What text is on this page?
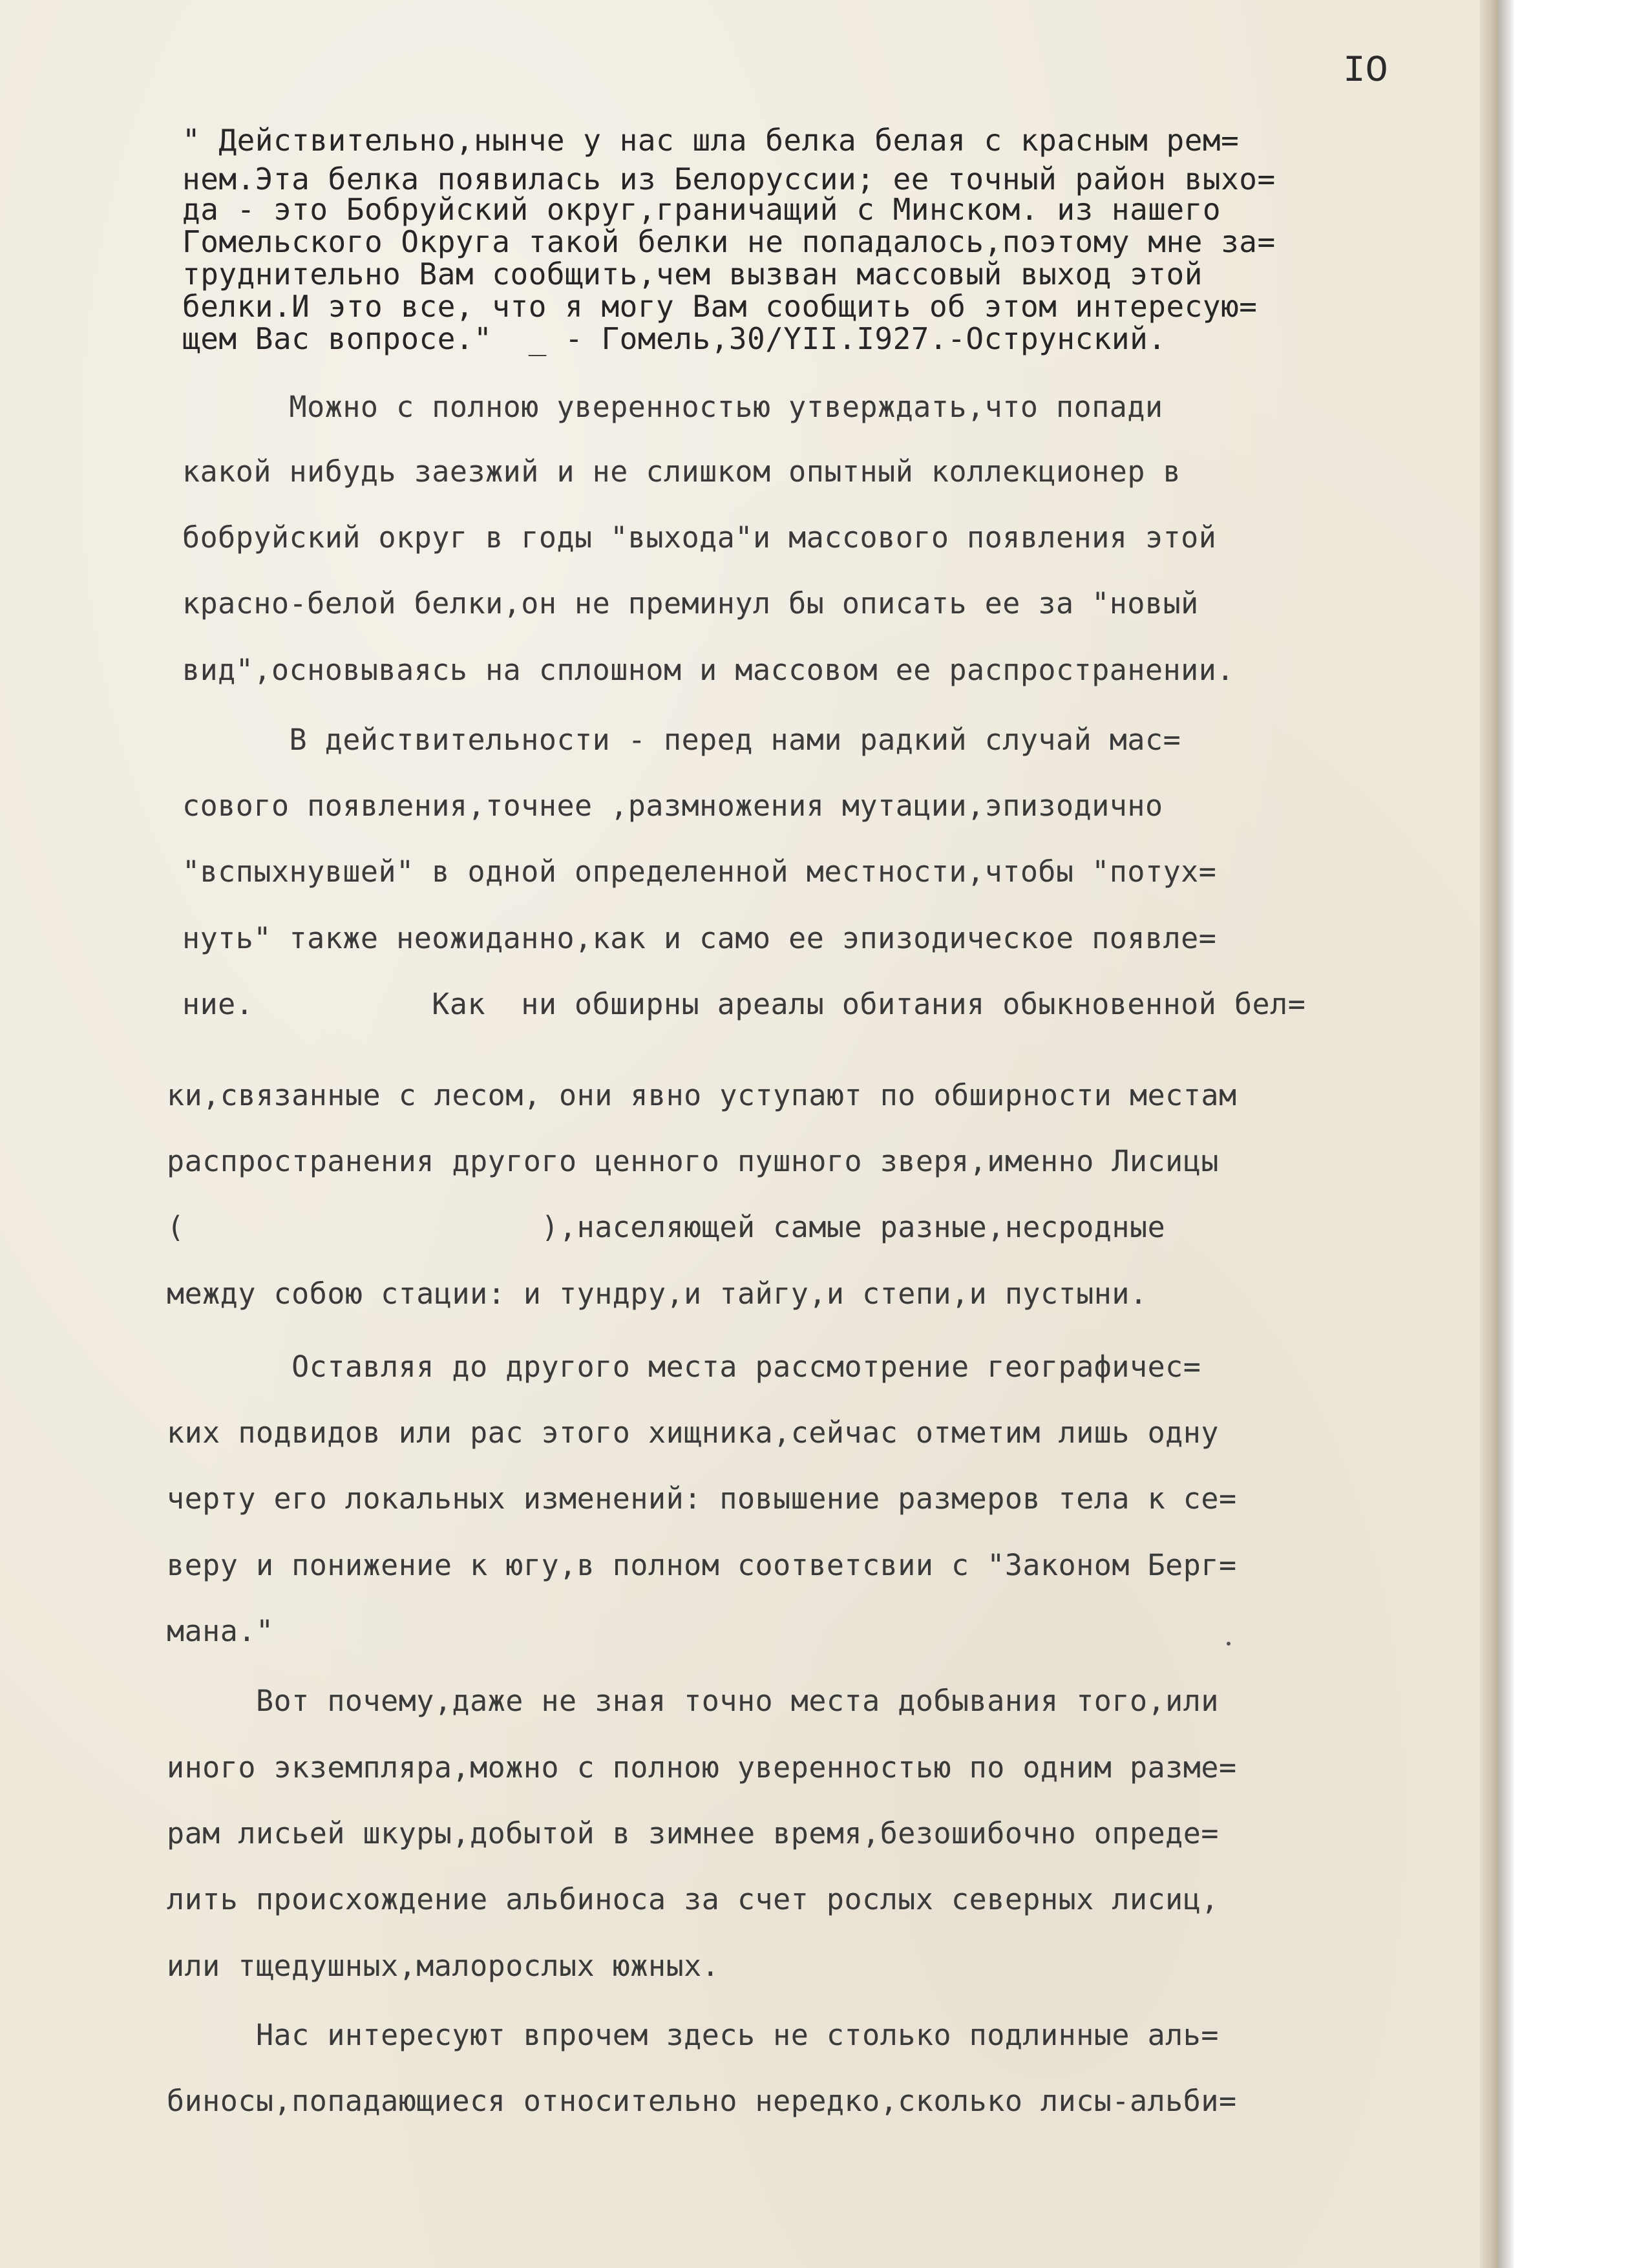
IO
" Действительно,нынче у нас шла белка белая с красным рем=
нем.Эта белка появилась из Белоруссии; ее точный район выхо=
да - это Бобруйский округ,граничащий с Минском. из нашего
Гомельского Округа такой белки не попадалось,поэтому мне за=
труднительно Вам сообщить,чем вызван массовый выход этой
белки.И это все, что я могу Вам сообщить об этом интересую=
щем Вас вопросе."  _ - Гомель,30/YII.I927.-Острунский.
Можно с полною уверенностью утверждать,что попади
какой нибудь заезжий и не слишком опытный коллекционер в
бобруйский округ в годы "выхода"и массового появления этой
красно-белой белки,он не преминул бы описать ее за "новый
вид",основываясь на сплошном и массовом ее распространении.
В действительности - перед нами радкий случай мас=
сового появления,точнее ,размножения мутации,эпизодично
"вспыхнувшей" в одной определенной местности,чтобы "потух=
нуть" также неожиданно,как и само ее эпизодическое появле=
ние.          Как  ни обширны ареалы обитания обыкновенной бел=
ки,связанные с лесом, они явно уступают по обширности местам
распространения другого ценного пушного зверя,именно Лисицы
(                    ),населяющей самые разные,несродные
между собою стации: и тундру,и тайгу,и степи,и пустыни.
Оставляя до другого места рассмотрение географичес=
ких подвидов или рас этого хищника,сейчас отметим лишь одну
черту его локальных изменений: повышение размеров тела к се=
веру и понижение к югу,в полном соответсвии с "Законом Берг=
мана."
Вот почему,даже не зная точно места добывания того,или
иного экземпляра,можно с полною уверенностью по одним разме=
рам лисьей шкуры,добытой в зимнее время,безошибочно опреде=
лить происхождение альбиноса за счет рослых северных лисиц,
или тщедушных,малорослых южных.
Нас интересуют впрочем здесь не столько подлинные аль=
биносы,попадающиеся относительно нередко,сколько лисы-альби=
